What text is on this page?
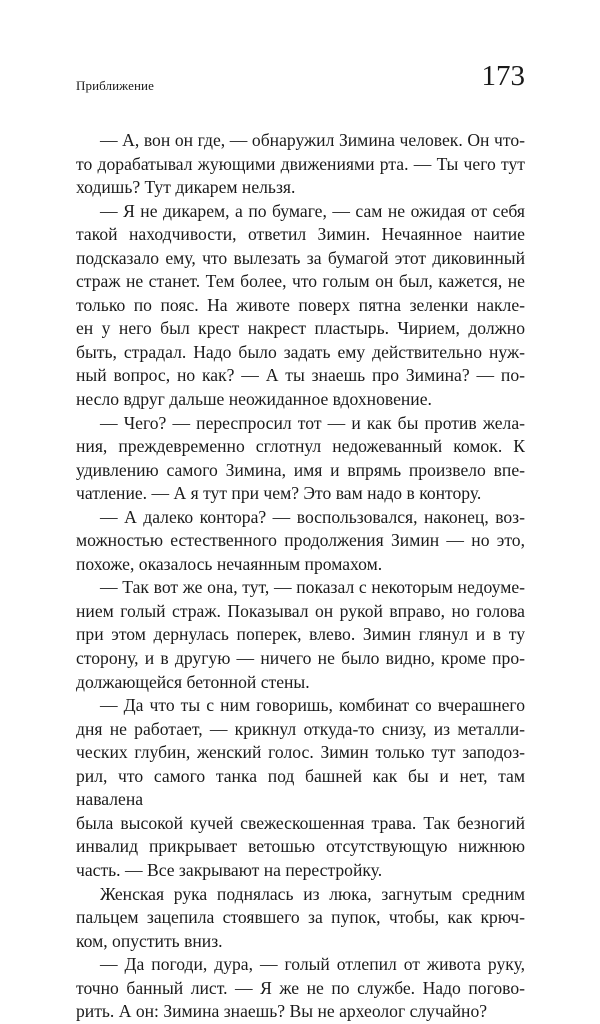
Приближение	173
— А, вон он где, — обнаружил Зимина человек. Он что-
то дорабатывал жующими движениями рта. — Ты чего тут
ходишь? Тут дикарем нельзя.
— Я не дикарем, а по бумаге, — сам не ожидая от себя
такой находчивости, ответил Зимин. Нечаянное наитие
подсказало ему, что вылезать за бумагой этот диковинный
страж не станет. Тем более, что голым он был, кажется, не
только по пояс. На животе поверх пятна зеленки наклe-
ен у него был крест накрест пластырь. Чирием, должно
быть, страдал. Надо было задать ему действительно нуж-
ный вопрос, но как? — А ты знаешь про Зимина? — по-
несло вдруг дальше неожиданное вдохновение.
— Чего? — переспросил тот — и как бы против жела-
ния, преждевременно сглотнул недожеванный комок. К
удивлению самого Зимина, имя и впрямь произвело впе-
чатление. — А я тут при чем? Это вам надо в контору.
— А далеко контора? — воспользовался, наконец, воз-
можностью естественного продолжения Зимин — но это,
похоже, оказалось нечаянным промахом.
— Так вот же она, тут, — показал с некоторым недоуме-
нием голый страж. Показывал он рукой вправо, но голова
при этом дернулась поперек, влево. Зимин глянул и в ту
сторону, и в другую — ничего не было видно, кроме про-
должающейся бетонной стены.
— Да что ты с ним говоришь, комбинат со вчерашнего
дня не работает, — крикнул откуда-то снизу, из металли-
ческих глубин, женский голос. Зимин только тут заподоз-
рил, что самого танка под башней как бы и нет, там навалена
была высокой кучей свежескошенная трава. Так безногий
инвалид прикрывает ветошью отсутствующую нижнюю
часть. — Все закрывают на перестройку.
Женская рука поднялась из люка, загнутым средним
пальцем зацепила стоявшего за пупок, чтобы, как крюч-
ком, опустить вниз.
— Да погоди, дура, — голый отлепил от живота руку,
точно банный лист. — Я же не по службе. Надо погово-
рить. А он: Зимина знаешь? Вы не археолог случайно?
